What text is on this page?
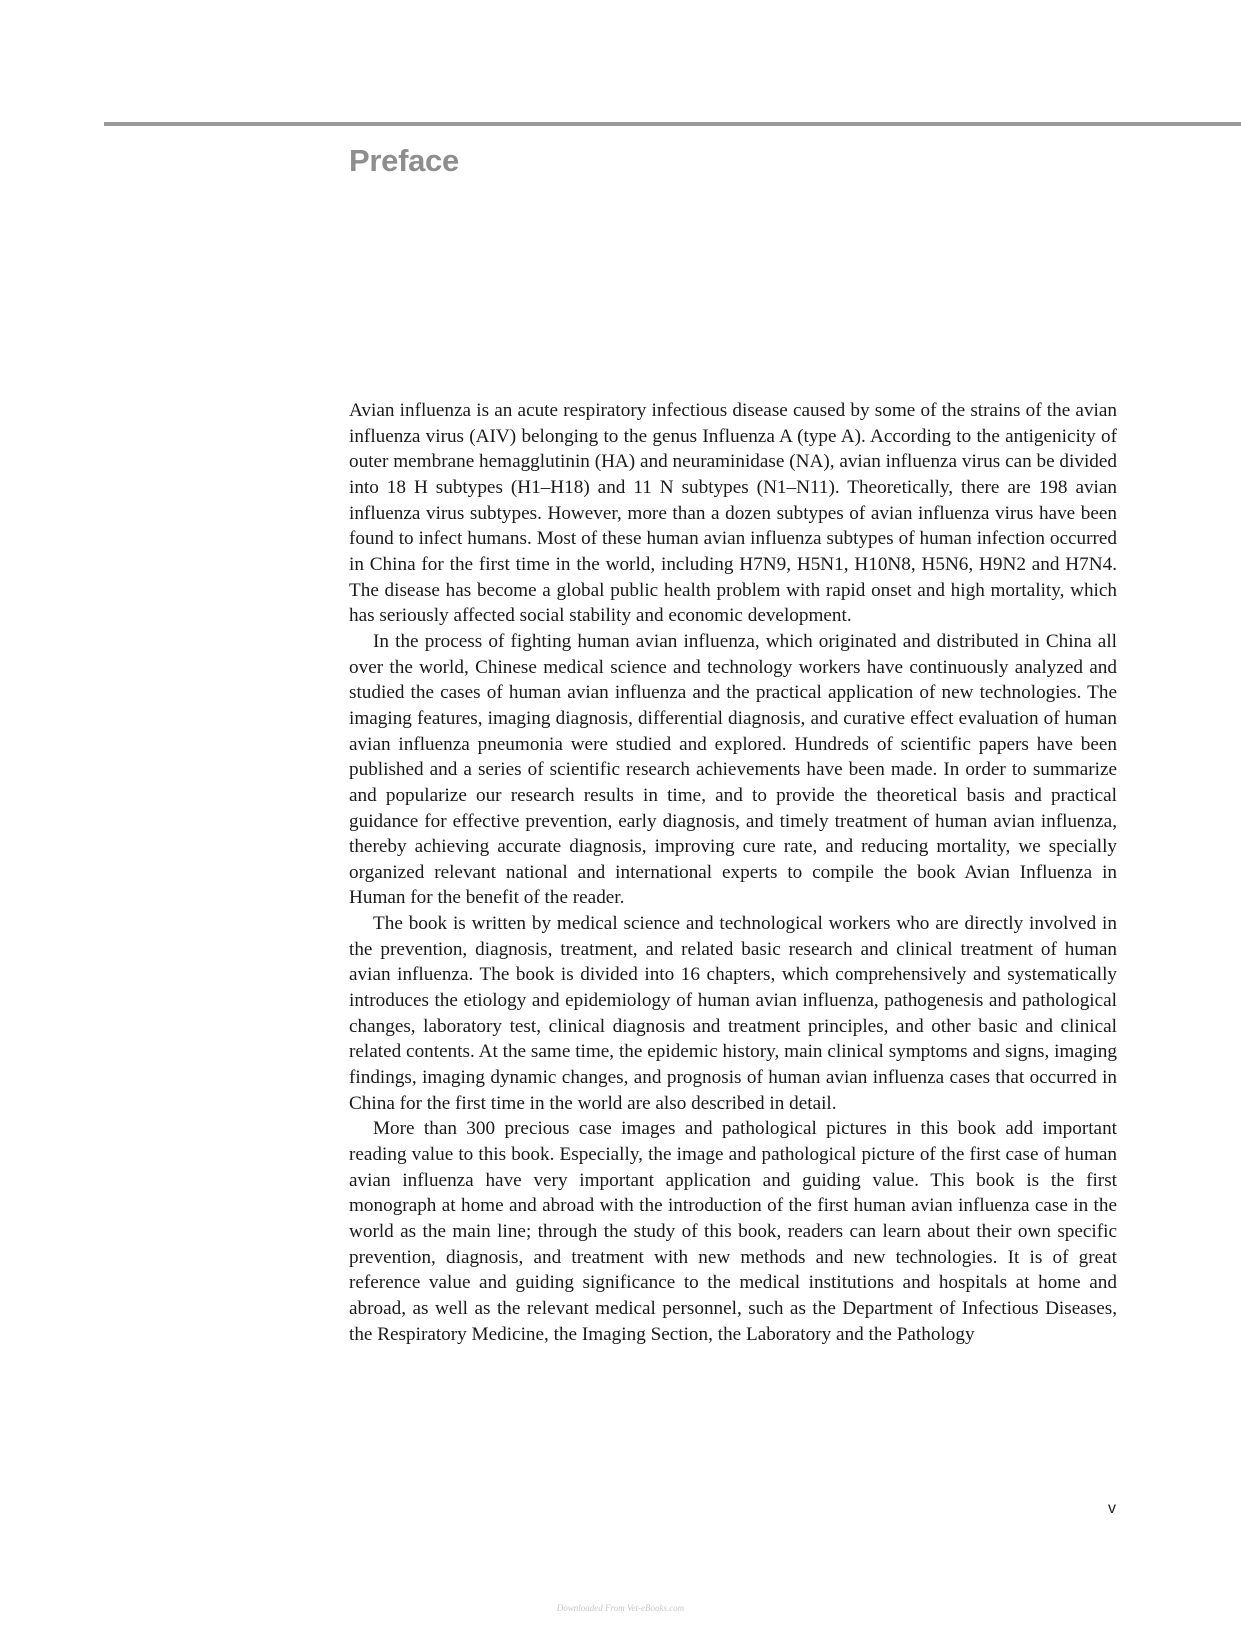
Preface

Avian influenza is an acute respiratory infectious disease caused by some of the strains of the avian influenza virus (AIV) belonging to the genus Influenza A (type A). According to the antigenicity of outer membrane hemagglutinin (HA) and neuraminidase (NA), avian influenza virus can be divided into 18 H subtypes (H1–H18) and 11 N subtypes (N1–N11). Theoretically, there are 198 avian influenza virus subtypes. However, more than a dozen subtypes of avian influenza virus have been found to infect humans. Most of these human avian influenza subtypes of human infection occurred in China for the first time in the world, including H7N9, H5N1, H10N8, H5N6, H9N2 and H7N4. The disease has become a global public health problem with rapid onset and high mortality, which has seriously affected social stability and economic development.

In the process of fighting human avian influenza, which originated and distributed in China all over the world, Chinese medical science and technology workers have continuously analyzed and studied the cases of human avian influenza and the practical application of new technologies. The imaging features, imaging diagnosis, differential diagnosis, and curative effect evaluation of human avian influenza pneumonia were studied and explored. Hundreds of scientific papers have been published and a series of scientific research achievements have been made. In order to summarize and popularize our research results in time, and to provide the theoretical basis and practical guidance for effective prevention, early diagnosis, and timely treatment of human avian influenza, thereby achieving accurate diagnosis, improving cure rate, and reducing mortality, we specially organized relevant national and international experts to compile the book Avian Influenza in Human for the benefit of the reader.

The book is written by medical science and technological workers who are directly involved in the prevention, diagnosis, treatment, and related basic research and clinical treatment of human avian influenza. The book is divided into 16 chapters, which comprehensively and systematically introduces the etiology and epidemiology of human avian influenza, pathogenesis and pathological changes, laboratory test, clinical diagnosis and treatment principles, and other basic and clinical related contents. At the same time, the epidemic history, main clinical symptoms and signs, imaging findings, imaging dynamic changes, and prognosis of human avian influenza cases that occurred in China for the first time in the world are also described in detail.

More than 300 precious case images and pathological pictures in this book add important reading value to this book. Especially, the image and pathological picture of the first case of human avian influenza have very important application and guiding value. This book is the first monograph at home and abroad with the introduction of the first human avian influenza case in the world as the main line; through the study of this book, readers can learn about their own specific prevention, diagnosis, and treatment with new methods and new technologies. It is of great reference value and guiding significance to the medical institutions and hospitals at home and abroad, as well as the relevant medical personnel, such as the Department of Infectious Diseases, the Respiratory Medicine, the Imaging Section, the Laboratory and the Pathology

v
Downloaded From Vet-eBooks.com
